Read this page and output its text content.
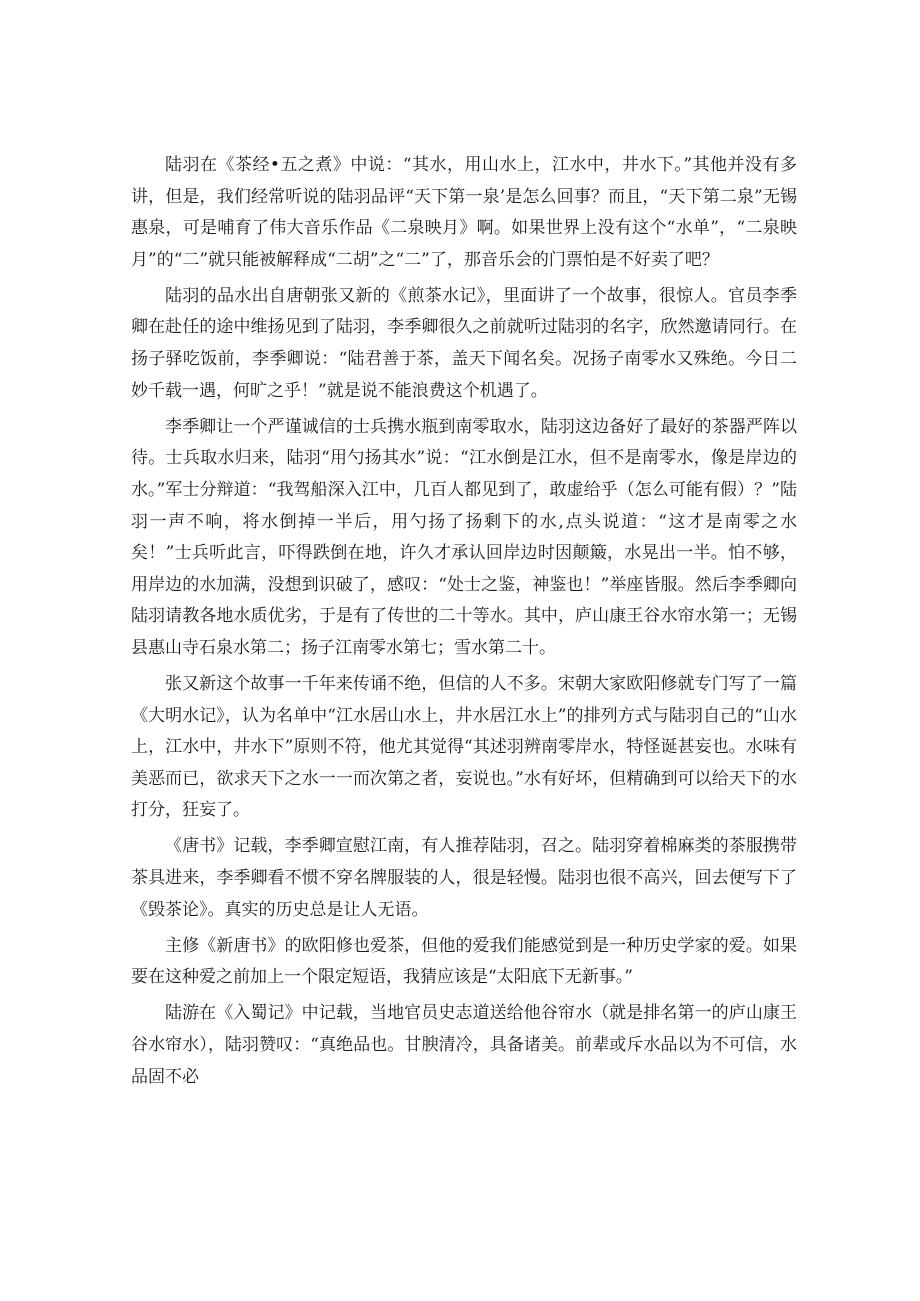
陆羽在《茶经•五之煮》中说：“其水，用山水上，江水中，井水下。”其他并没有多讲，但是，我们经常听说的陆羽品评“天下第一泉’是怎么回事？而且，“天下第二泉”无锡惠泉，可是哺育了伟大音乐作品《二泉映月》啊。如果世界上没有这个“水单”，“二泉映月”的“二”就只能被解释成“二胡”之“二”了，那音乐会的门票怕是不好卖了吧？

陆羽的品水出自唐朝张又新的《煎茶水记》，里面讲了一个故事，很惊人。官员李季卿在赴任的途中维扬见到了陆羽，李季卿很久之前就听过陆羽的名字，欣然邀请同行。在扬子驿吃饭前，李季卿说：“陆君善于茶，盖天下闻名矣。况扬子南零水又殊绝。今日二妙千载一遇，何旷之乎！”就是说不能浪费这个机遇了。

李季卿让一个严谨诚信的士兵携水瓶到南零取水，陆羽这边备好了最好的茶器严阵以待。士兵取水归来，陆羽“用勺扬其水”说：“江水倒是江水，但不是南零水，像是岸边的水。”军士分辩道：“我驾船深入江中，几百人都见到了，敢虚给乎（怎么可能有假）？”陆羽一声不响，将水倒掉一半后，用勺扬了扬剩下的水,点头说道：“这才是南零之水矣！”士兵听此言，吓得跌倒在地，许久才承认回岸边时因颠簸，水晃出一半。怕不够，用岸边的水加满，没想到识破了，感叹：“处士之鉴，神鉴也！”举座皆服。然后李季卿向陆羽请教各地水质优劣，于是有了传世的二十等水。其中，庐山康王谷水帘水第一；无锡县惠山寺石泉水第二；扬子江南零水第七；雪水第二十。

张又新这个故事一千年来传诵不绝，但信的人不多。宋朝大家欧阳修就专门写了一篇《大明水记》，认为名单中“江水居山水上，井水居江水上”的排列方式与陆羽自己的“山水上，江水中，井水下”原则不符，他尤其觉得“其述羽辨南零岸水，特怪诞甚妄也。水味有美恶而已，欲求天下之水一一而次第之者，妄说也。”水有好坏，但精确到可以给天下的水打分，狂妄了。

《唐书》记载，李季卿宣慰江南，有人推荐陆羽，召之。陆羽穿着棉麻类的茶服携带茶具进来，李季卿看不惯不穿名牌服装的人，很是轻慢。陆羽也很不高兴，回去便写下了《毁茶论》。真实的历史总是让人无语。

主修《新唐书》的欧阳修也爱茶，但他的爱我们能感觉到是一种历史学家的爱。如果要在这种爱之前加上一个限定短语，我猜应该是“太阳底下无新事。”

陆游在《入蜀记》中记载，当地官员史志道送给他谷帘水（就是排名第一的庐山康王谷水帘水），陆羽赞叹：“真绝品也。甘腴清冷，具备诸美。前辈或斥水品以为不可信，水品固不必
